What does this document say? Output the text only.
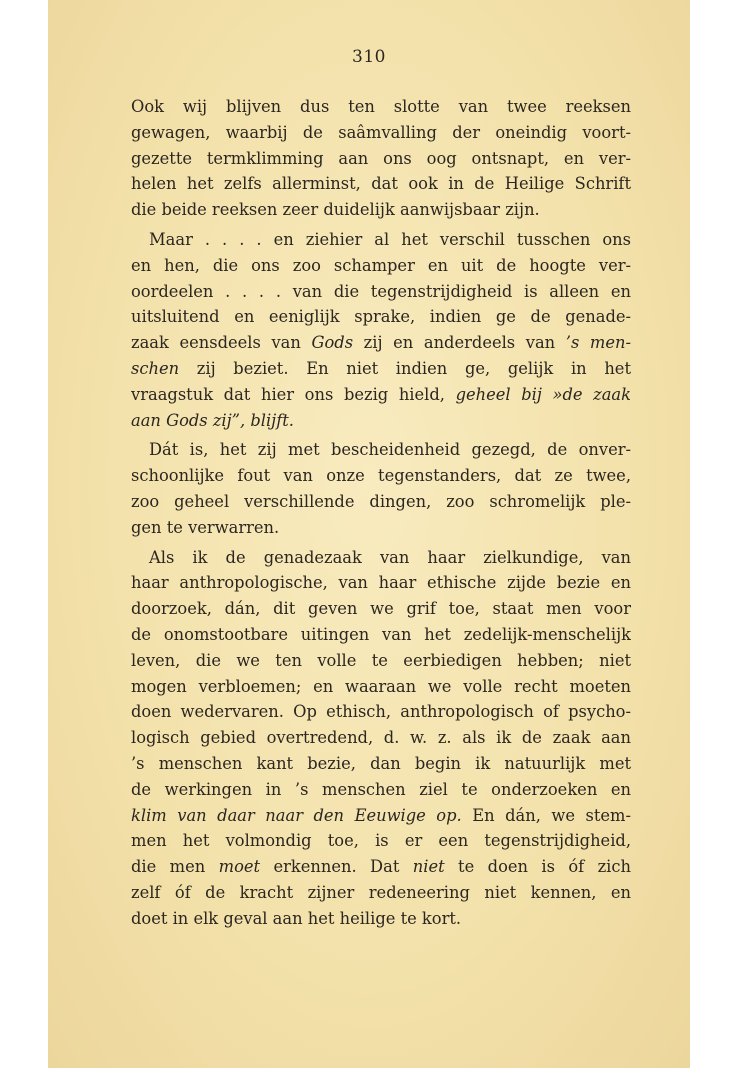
310
Ook wij blijven dus ten slotte van twee reeksen
gewagen, waarbij de saâmvalling der oneindig voort-
gezette termklimming aan ons oog ontsnapt, en ver-
helen het zelfs allerminst, dat ook in de Heilige Schrift
die beide reeksen zeer duidelijk aanwijsbaar zijn.
Maar . . . . en ziehier al het verschil tusschen ons
en hen, die ons zoo schamper en uit de hoogte ver-
oordeelen . . . . van die tegenstrijdigheid is alleen en
uitsluitend en eeniglijk sprake, indien ge de genade-
zaak eensdeels van Gods zij en anderdeels van ’s men-
schen zij beziet. En niet indien ge, gelijk in het
vraagstuk dat hier ons bezig hield, geheel bij »de zaak
aan Gods zij”, blijft.
Dát is, het zij met bescheidenheid gezegd, de onver-
schoonlijke fout van onze tegenstanders, dat ze twee,
zoo geheel verschillende dingen, zoo schromelijk ple-
gen te verwarren.
Als ik de genadezaak van haar zielkundige, van
haar anthropologische, van haar ethische zijde bezie en
doorzoek, dán, dit geven we grif toe, staat men voor
de onomstootbare uitingen van het zedelijk-menschelijk
leven, die we ten volle te eerbiedigen hebben; niet
mogen verbloemen; en waaraan we volle recht moeten
doen wedervaren. Op ethisch, anthropologisch of psycho-
logisch gebied overtredend, d. w. z. als ik de zaak aan
’s menschen kant bezie, dan begin ik natuurlijk met
de werkingen in ’s menschen ziel te onderzoeken en
klim van daar naar den Eeuwige op. En dán, we stem-
men het volmondig toe, is er een tegenstrijdigheid,
die men moet erkennen. Dat niet te doen is óf zich
zelf óf de kracht zijner redeneering niet kennen, en
doet in elk geval aan het heilige te kort.
